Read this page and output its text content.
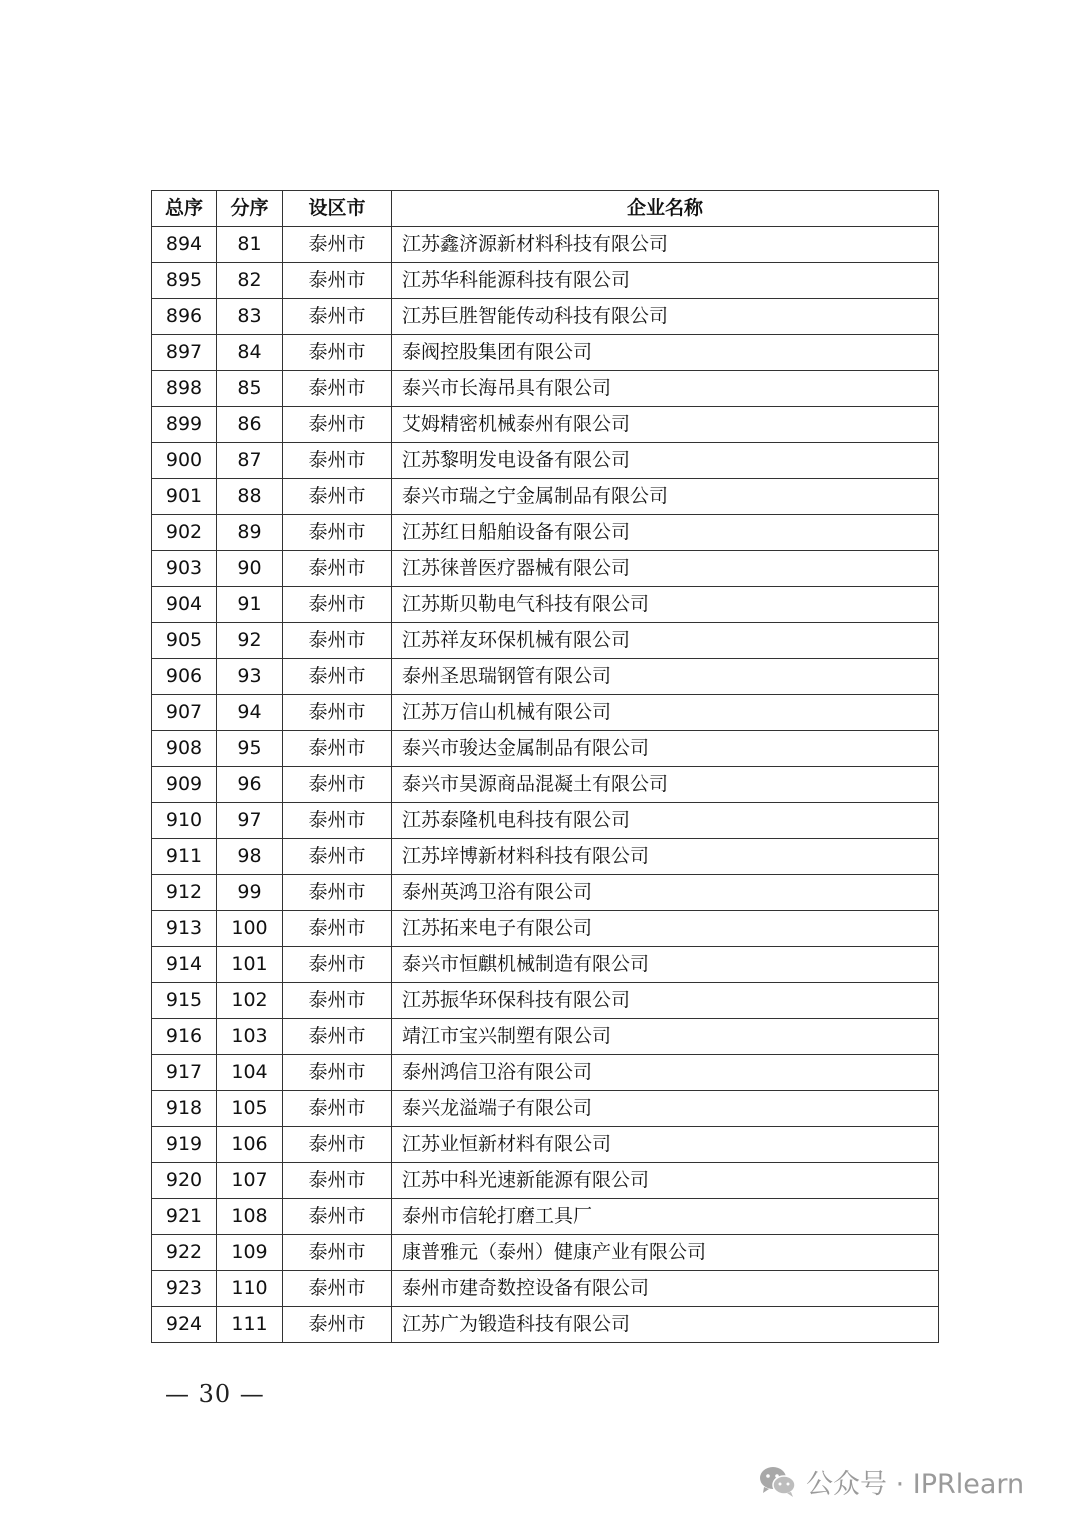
总序	分序	设区市	企业名称
894	81	泰州市	江苏鑫济源新材料科技有限公司
895	82	泰州市	江苏华科能源科技有限公司
896	83	泰州市	江苏巨胜智能传动科技有限公司
897	84	泰州市	泰阀控股集团有限公司
898	85	泰州市	泰兴市长海吊具有限公司
899	86	泰州市	艾姆精密机械泰州有限公司
900	87	泰州市	江苏黎明发电设备有限公司
901	88	泰州市	泰兴市瑞之宁金属制品有限公司
902	89	泰州市	江苏红日船舶设备有限公司
903	90	泰州市	江苏徕普医疗器械有限公司
904	91	泰州市	江苏斯贝勒电气科技有限公司
905	92	泰州市	江苏祥友环保机械有限公司
906	93	泰州市	泰州圣思瑞钢管有限公司
907	94	泰州市	江苏万信山机械有限公司
908	95	泰州市	泰兴市骏达金属制品有限公司
909	96	泰州市	泰兴市昊源商品混凝土有限公司
910	97	泰州市	江苏泰隆机电科技有限公司
911	98	泰州市	江苏垶博新材料科技有限公司
912	99	泰州市	泰州英鸿卫浴有限公司
913	100	泰州市	江苏拓来电子有限公司
914	101	泰州市	泰兴市恒麒机械制造有限公司
915	102	泰州市	江苏振华环保科技有限公司
916	103	泰州市	靖江市宝兴制塑有限公司
917	104	泰州市	泰州鸿信卫浴有限公司
918	105	泰州市	泰兴龙溢端子有限公司
919	106	泰州市	江苏业恒新材料有限公司
920	107	泰州市	江苏中科光速新能源有限公司
921	108	泰州市	泰州市信轮打磨工具厂
922	109	泰州市	康普雅元（泰州）健康产业有限公司
923	110	泰州市	泰州市建奇数控设备有限公司
924	111	泰州市	江苏广为锻造科技有限公司
— 30 —
公众号 · IPRlearn
